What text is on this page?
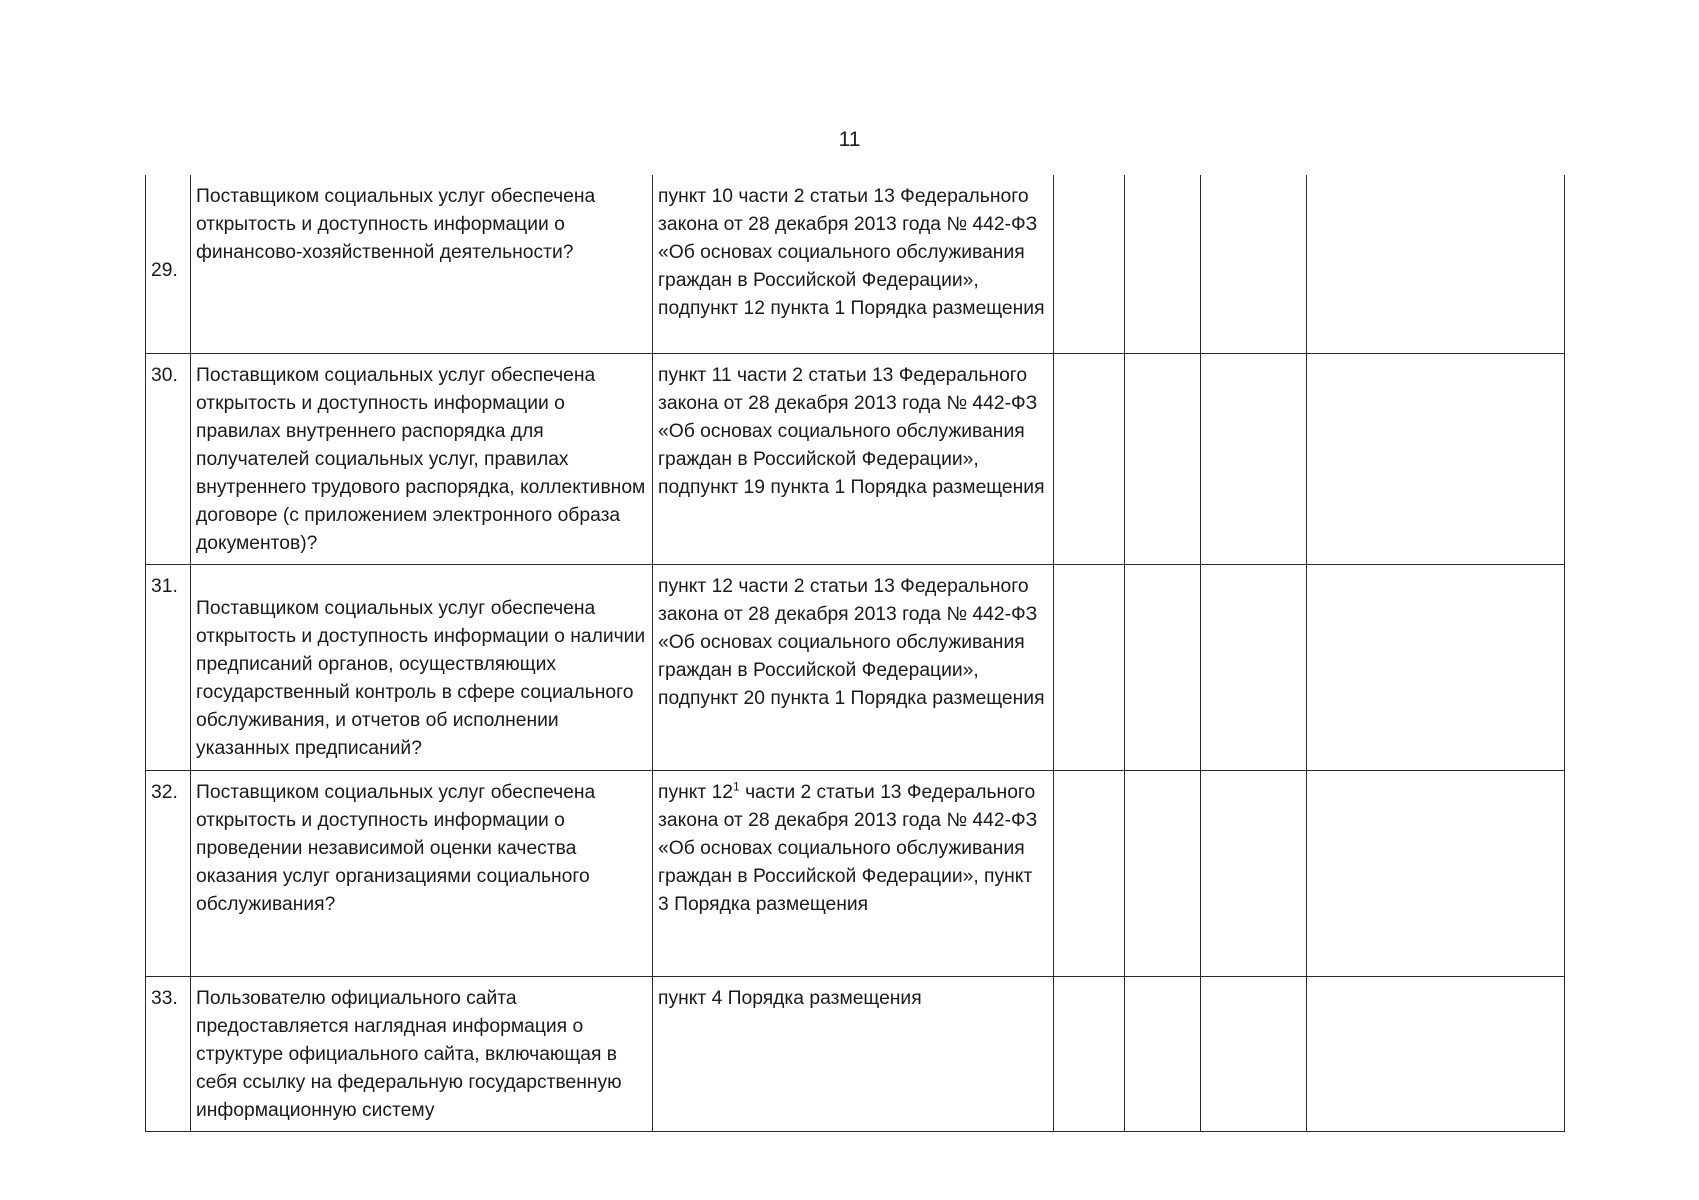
11
29.	Поставщиком социальных услуг обеспечена открытость и доступность информации о финансово-хозяйственной деятельности?	пункт 10 части 2 статьи 13 Федерального закона от 28 декабря 2013 года № 442-ФЗ «Об основах социального обслуживания граждан в Российской Федерации», подпункт 12 пункта 1 Порядка размещения				
30.	Поставщиком социальных услуг обеспечена открытость и доступность информации о правилах внутреннего распорядка для получателей социальных услуг, правилах внутреннего трудового распорядка, коллективном договоре (с приложением электронного образа документов)?	пункт 11 части 2 статьи 13 Федерального закона от 28 декабря 2013 года № 442-ФЗ «Об основах социального обслуживания граждан в Российской Федерации», подпункт 19 пункта 1 Порядка размещения				
31.	Поставщиком социальных услуг обеспечена открытость и доступность информации о наличии предписаний органов, осуществляющих государственный контроль в сфере социального обслуживания, и отчетов об исполнении указанных предписаний?	пункт 12 части 2 статьи 13 Федерального закона от 28 декабря 2013 года № 442-ФЗ «Об основах социального обслуживания граждан в Российской Федерации», подпункт 20 пункта 1 Порядка размещения				
32.	Поставщиком социальных услуг обеспечена открытость и доступность информации о проведении независимой оценки качества оказания услуг организациями социального обслуживания?	пункт $12^1$ части 2 статьи 13 Федерального закона от 28 декабря 2013 года № 442-ФЗ «Об основах социального обслуживания граждан в Российской Федерации», пункт 3 Порядка размещения				
33.	Пользователю официального сайта предоставляется наглядная информация о структуре официального сайта, включающая в себя ссылку на федеральную государственную информационную систему	пункт 4 Порядка размещения				
